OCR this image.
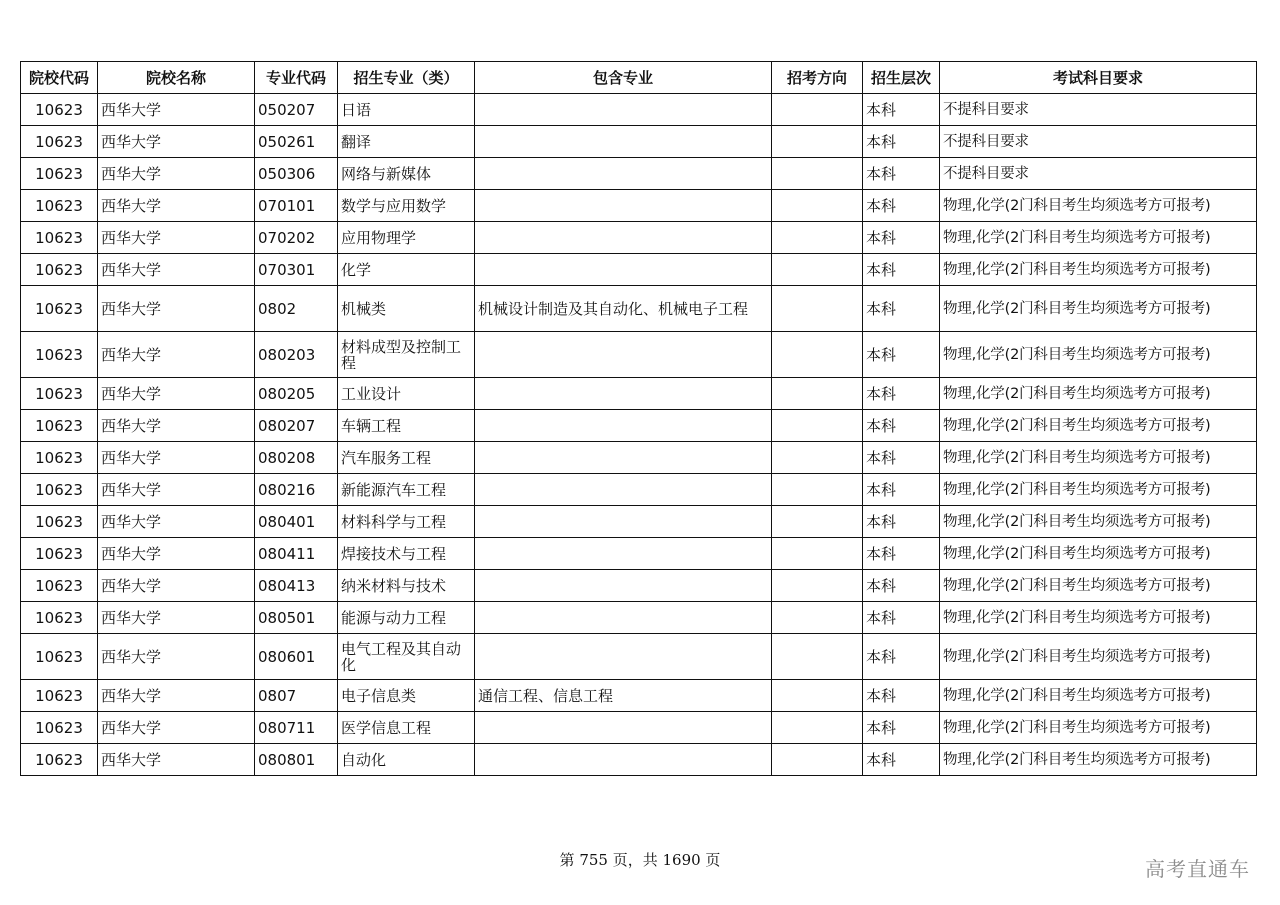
院校代码	院校名称	专业代码	招生专业（类）	包含专业	招考方向	招生层次	考试科目要求
10623	西华大学	050207	日语			本科	不提科目要求
10623	西华大学	050261	翻译			本科	不提科目要求
10623	西华大学	050306	网络与新媒体			本科	不提科目要求
10623	西华大学	070101	数学与应用数学			本科	物理,化学(2门科目考生均须选考方可报考)
10623	西华大学	070202	应用物理学			本科	物理,化学(2门科目考生均须选考方可报考)
10623	西华大学	070301	化学			本科	物理,化学(2门科目考生均须选考方可报考)
10623	西华大学	0802	机械类	机械设计制造及其自动化、机械电子工程		本科	物理,化学(2门科目考生均须选考方可报考)
10623	西华大学	080203	材料成型及控制工程			本科	物理,化学(2门科目考生均须选考方可报考)
10623	西华大学	080205	工业设计			本科	物理,化学(2门科目考生均须选考方可报考)
10623	西华大学	080207	车辆工程			本科	物理,化学(2门科目考生均须选考方可报考)
10623	西华大学	080208	汽车服务工程			本科	物理,化学(2门科目考生均须选考方可报考)
10623	西华大学	080216	新能源汽车工程			本科	物理,化学(2门科目考生均须选考方可报考)
10623	西华大学	080401	材料科学与工程			本科	物理,化学(2门科目考生均须选考方可报考)
10623	西华大学	080411	焊接技术与工程			本科	物理,化学(2门科目考生均须选考方可报考)
10623	西华大学	080413	纳米材料与技术			本科	物理,化学(2门科目考生均须选考方可报考)
10623	西华大学	080501	能源与动力工程			本科	物理,化学(2门科目考生均须选考方可报考)
10623	西华大学	080601	电气工程及其自动化			本科	物理,化学(2门科目考生均须选考方可报考)
10623	西华大学	0807	电子信息类	通信工程、信息工程		本科	物理,化学(2门科目考生均须选考方可报考)
10623	西华大学	080711	医学信息工程			本科	物理,化学(2门科目考生均须选考方可报考)
10623	西华大学	080801	自动化			本科	物理,化学(2门科目考生均须选考方可报考)
第 755 页，共 1690 页	高考直通车
